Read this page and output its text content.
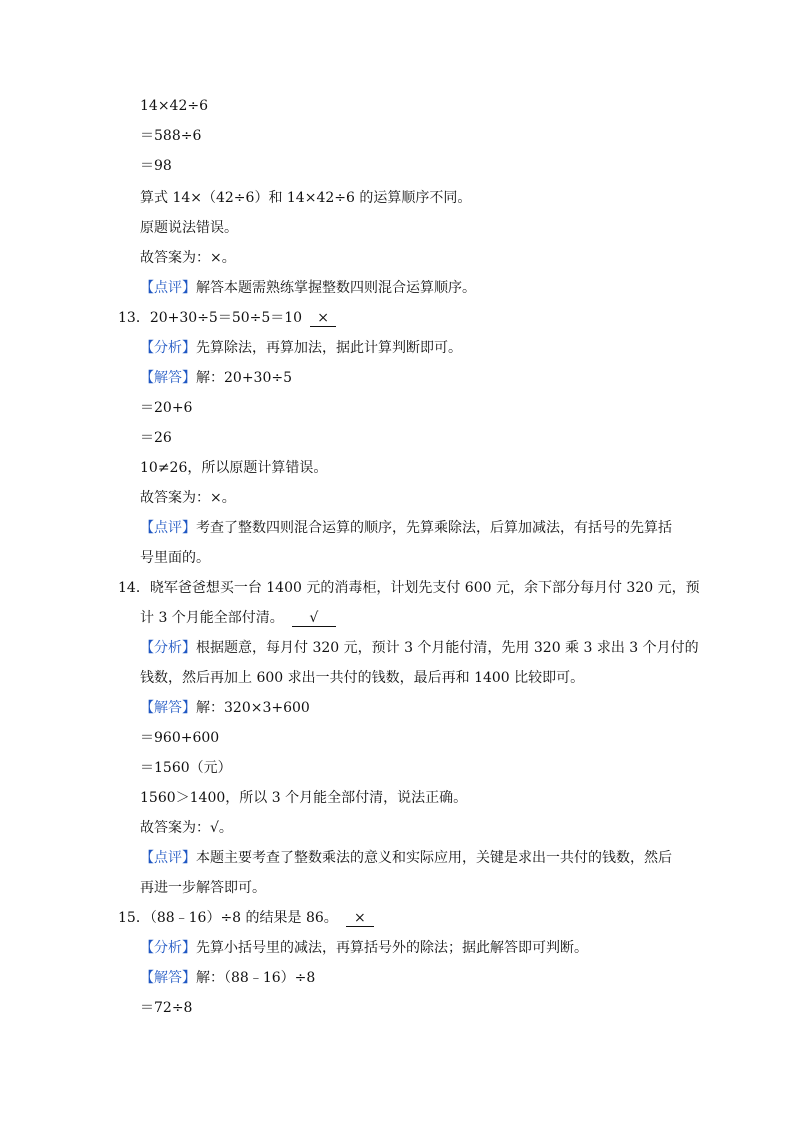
14×42÷6
＝588÷6
＝98
算式 14×（42÷6）和 14×42÷6 的运算顺序不同。
原题说法错误。
故答案为：×。
【点评】解答本题需熟练掌握整数四则混合运算顺序。
13．20+30÷5＝50÷5＝10 ×
【分析】先算除法，再算加法，据此计算判断即可。
【解答】解：20+30÷5
＝20+6
＝26
10≠26，所以原题计算错误。
故答案为：×。
【点评】考查了整数四则混合运算的顺序，先算乘除法，后算加减法，有括号的先算括
号里面的。
14．晓军爸爸想买一台 1400 元的消毒柜，计划先支付 600 元，余下部分每月付 320 元，预
计 3 个月能全部付清。 √
【分析】根据题意，每月付 320 元，预计 3 个月能付清，先用 320 乘 3 求出 3 个月付的
钱数，然后再加上 600 求出一共付的钱数，最后再和 1400 比较即可。
【解答】解：320×3+600
＝960+600
＝1560（元）
1560＞1400，所以 3 个月能全部付清，说法正确。
故答案为：√。
【点评】本题主要考查了整数乘法的意义和实际应用，关键是求出一共付的钱数，然后
再进一步解答即可。
15．（88﹣16）÷8 的结果是 86。 ×
【分析】先算小括号里的减法，再算括号外的除法；据此解答即可判断。
【解答】解：（88﹣16）÷8
＝72÷8
